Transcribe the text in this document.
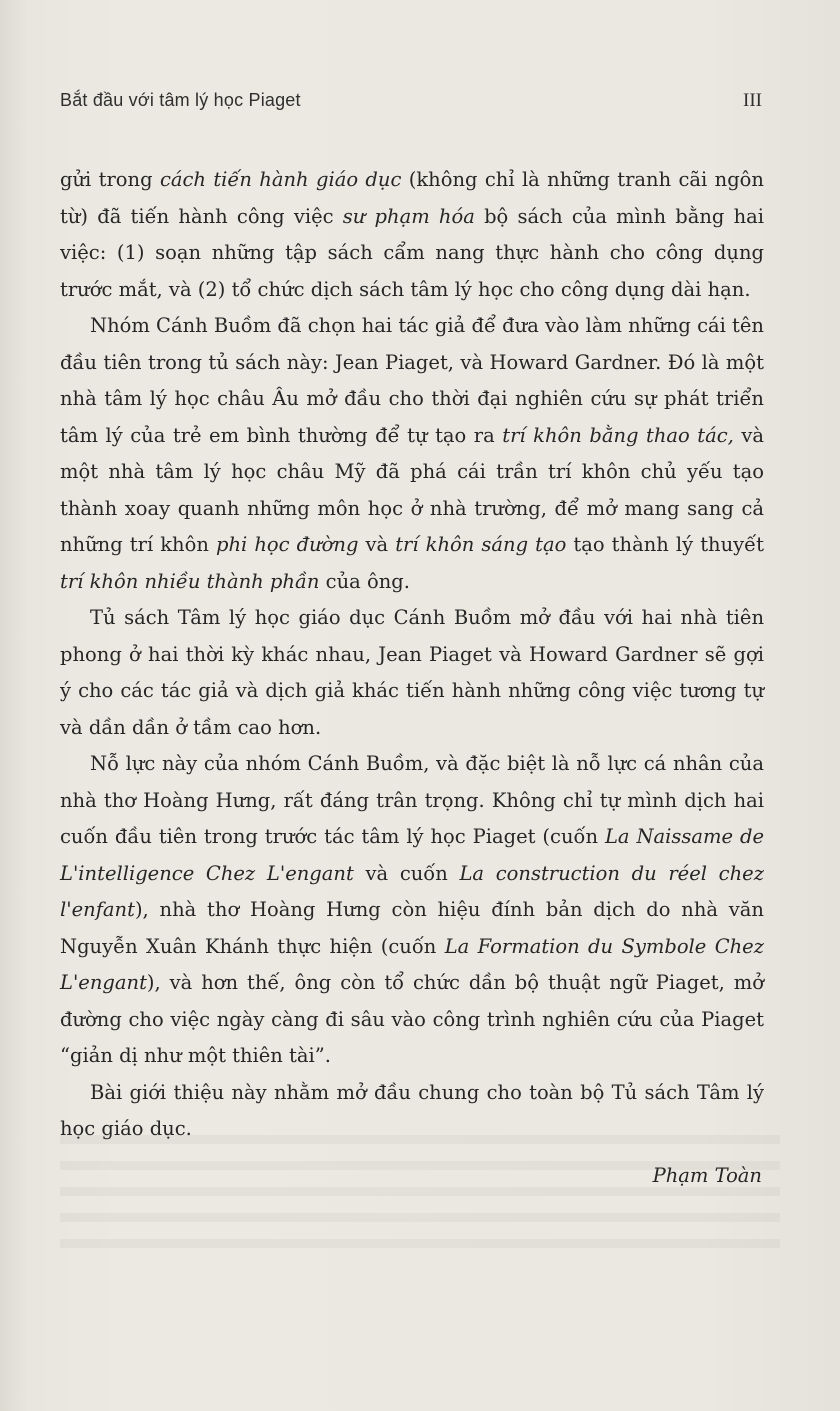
Bắt đầu với tâm lý học Piaget	III

gửi trong cách tiến hành giáo dục (không chỉ là những tranh cãi ngôn từ) đã tiến hành công việc sư phạm hóa bộ sách của mình bằng hai việc: (1) soạn những tập sách cẩm nang thực hành cho công dụng trước mắt, và (2) tổ chức dịch sách tâm lý học cho công dụng dài hạn.

Nhóm Cánh Buồm đã chọn hai tác giả để đưa vào làm những cái tên đầu tiên trong tủ sách này: Jean Piaget, và Howard Gardner. Đó là một nhà tâm lý học châu Âu mở đầu cho thời đại nghiên cứu sự phát triển tâm lý của trẻ em bình thường để tự tạo ra trí khôn bằng thao tác, và một nhà tâm lý học châu Mỹ đã phá cái trần trí khôn chủ yếu tạo thành xoay quanh những môn học ở nhà trường, để mở mang sang cả những trí khôn phi học đường và trí khôn sáng tạo tạo thành lý thuyết trí khôn nhiều thành phần của ông.

Tủ sách Tâm lý học giáo dục Cánh Buồm mở đầu với hai nhà tiên phong ở hai thời kỳ khác nhau, Jean Piaget và Howard Gardner sẽ gợi ý cho các tác giả và dịch giả khác tiến hành những công việc tương tự và dần dần ở tầm cao hơn.

Nỗ lực này của nhóm Cánh Buồm, và đặc biệt là nỗ lực cá nhân của nhà thơ Hoàng Hưng, rất đáng trân trọng. Không chỉ tự mình dịch hai cuốn đầu tiên trong trước tác tâm lý học Piaget (cuốn La Naissame de L'intelligence Chez L'engant và cuốn La construction du réel chez l'enfant), nhà thơ Hoàng Hưng còn hiệu đính bản dịch do nhà văn Nguyễn Xuân Khánh thực hiện (cuốn La Formation du Symbole Chez L'engant), và hơn thế, ông còn tổ chức dần bộ thuật ngữ Piaget, mở đường cho việc ngày càng đi sâu vào công trình nghiên cứu của Piaget “giản dị như một thiên tài”.

Bài giới thiệu này nhằm mở đầu chung cho toàn bộ Tủ sách Tâm lý học giáo dục.

Phạm Toàn
